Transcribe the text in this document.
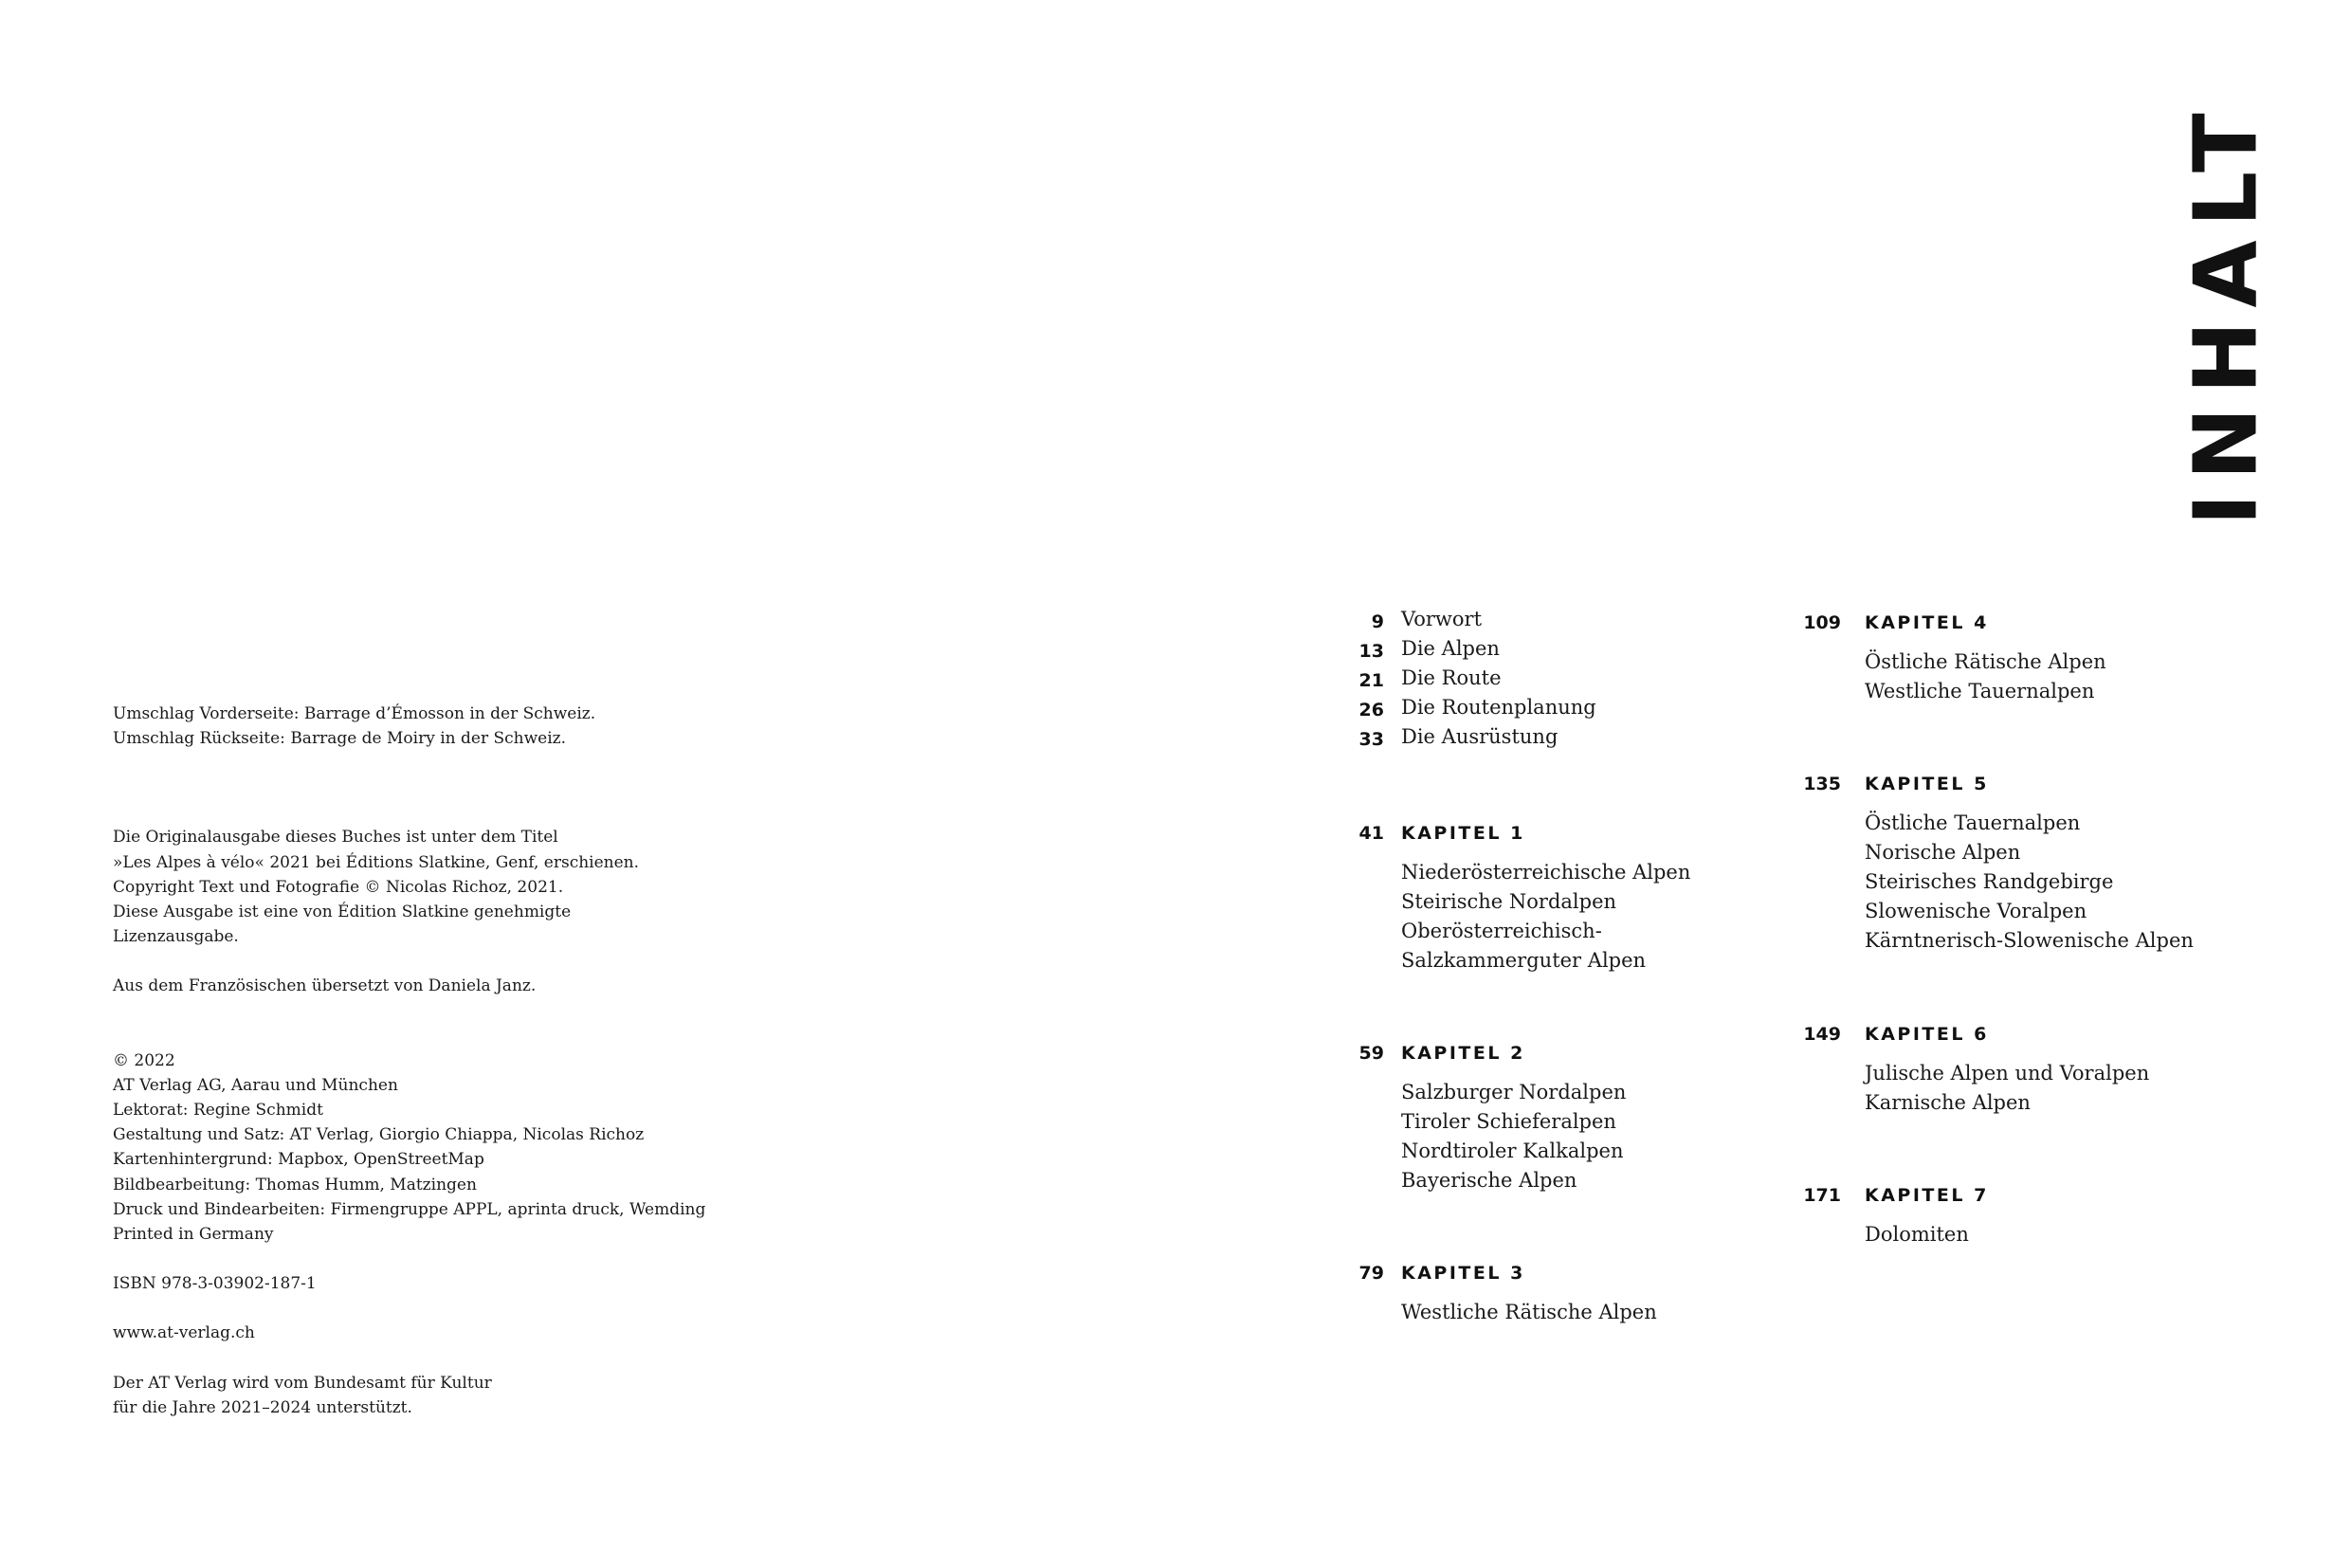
Umschlag Vorderseite: Barrage d’Émosson in der Schweiz.
Umschlag Rückseite: Barrage de Moiry in der Schweiz.
Die Originalausgabe dieses Buches ist unter dem Titel
»Les Alpes à vélo« 2021 bei Éditions Slatkine, Genf, erschienen.
Copyright Text und Fotografie © Nicolas Richoz, 2021.
Diese Ausgabe ist eine von Édition Slatkine genehmigte
Lizenzausgabe.
Aus dem Französischen übersetzt von Daniela Janz.
© 2022
AT Verlag AG, Aarau und München
Lektorat: Regine Schmidt
Gestaltung und Satz: AT Verlag, Giorgio Chiappa, Nicolas Richoz
Kartenhintergrund: Mapbox, OpenStreetMap
Bildbearbeitung: Thomas Humm, Matzingen
Druck und Bindearbeiten: Firmengruppe APPL, aprinta druck, Wemding
Printed in Germany
ISBN 978-3-03902-187-1
www.at-verlag.ch
Der AT Verlag wird vom Bundesamt für Kultur
für die Jahre 2021–2024 unterstützt.
INHALT
9 Vorwort
13 Die Alpen
21 Die Route
26 Die Routenplanung
33 Die Ausrüstung
41 KAPITEL 1
Niederösterreichische Alpen
Steirische Nordalpen
Oberösterreichisch-
Salzkammerguter Alpen
59 KAPITEL 2
Salzburger Nordalpen
Tiroler Schieferalpen
Nordtiroler Kalkalpen
Bayerische Alpen
79 KAPITEL 3
Westliche Rätische Alpen
109 KAPITEL 4
Östliche Rätische Alpen
Westliche Tauernalpen
135 KAPITEL 5
Östliche Tauernalpen
Norische Alpen
Steirisches Randgebirge
Slowenische Voralpen
Kärntnerisch-Slowenische Alpen
149 KAPITEL 6
Julische Alpen und Voralpen
Karnische Alpen
171 KAPITEL 7
Dolomiten
